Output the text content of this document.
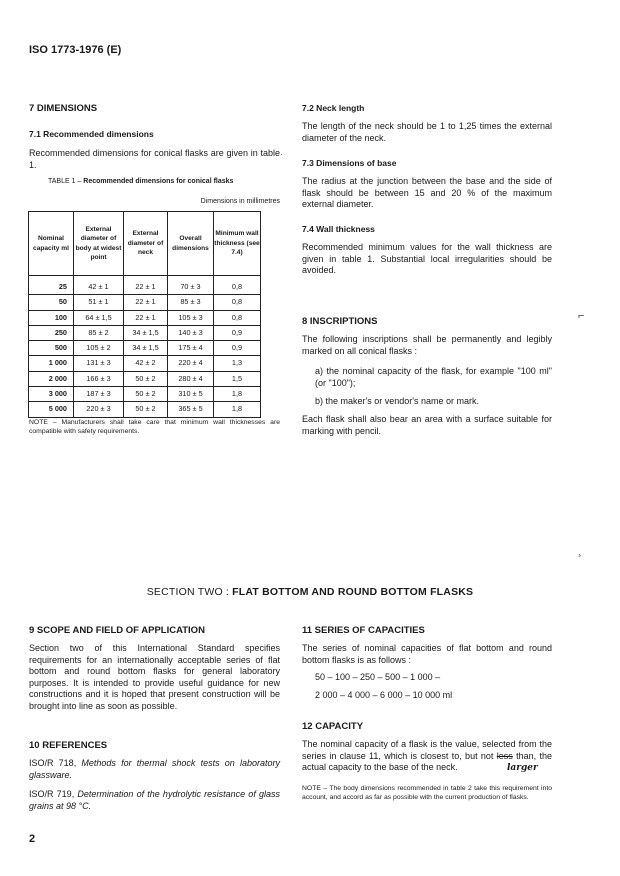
ISO 1773-1976 (E)
7 DIMENSIONS
7.1 Recommended dimensions
Recommended dimensions for conical flasks are given in table 1.
TABLE 1 – Recommended dimensions for conical flasks
Dimensions in millimetres
Nominal capacity ml	External diameter of body at widest point	External diameter of neck	Overall dimensions	Minimum wall thickness (see 7.4)
25	42 ± 1	22 ± 1	70 ± 3	0,8
50	51 ± 1	22 ± 1	85 ± 3	0,8
100	64 ± 1,5	22 ± 1	105 ± 3	0,8
250	85 ± 2	34 ± 1,5	140 ± 3	0,9
500	105 ± 2	34 ± 1,5	175 ± 4	0,9
1 000	131 ± 3	42 ± 2	220 ± 4	1,3
2 000	166 ± 3	50 ± 2	280 ± 4	1,5
3 000	187 ± 3	50 ± 2	310 ± 5	1,8
5 000	220 ± 3	50 ± 2	365 ± 5	1,8
NOTE – Manufacturers shall take care that minimum wall thicknesses are compatible with safety requirements.
7.2 Neck length
The length of the neck should be 1 to 1,25 times the external diameter of the neck.
7.3 Dimensions of base
The radius at the junction between the base and the side of flask should be between 15 and 20 % of the maximum external diameter.
7.4 Wall thickness
Recommended minimum values for the wall thickness are given in table 1. Substantial local irregularities should be avoided.
8 INSCRIPTIONS
The following inscriptions shall be permanently and legibly marked on all conical flasks :
a) the nominal capacity of the flask, for example "100 ml" (or "100");
b) the maker's or vendor's name or mark.
Each flask shall also bear an area with a surface suitable for marking with pencil.
·
⌐
¸
SECTION TWO : FLAT BOTTOM AND ROUND BOTTOM FLASKS
9 SCOPE AND FIELD OF APPLICATION
Section two of this International Standard specifies requirements for an internationally acceptable series of flat bottom and round bottom flasks for general laboratory purposes. It is intended to provide useful guidance for new constructions and it is hoped that present construction will be brought into line as soon as possible.
10 REFERENCES
ISO/R 718, Methods for thermal shock tests on laboratory glassware.
ISO/R 719, Determination of the hydrolytic resistance of glass grains at 98 °C.
11 SERIES OF CAPACITIES
The series of nominal capacities of flat bottom and round bottom flasks is as follows :
50 – 100 – 250 – 500 – 1 000 –
2 000 – 4 000 – 6 000 – 10 000 ml
12 CAPACITY
The nominal capacity of a flask is the value, selected from the series in clause 11, which is closest to, but not less than, the actual capacity to the base of the neck.	larger
NOTE – The body dimensions recommended in table 2 take this requirement into account, and accord as far as possible with the current production of flasks.
2
